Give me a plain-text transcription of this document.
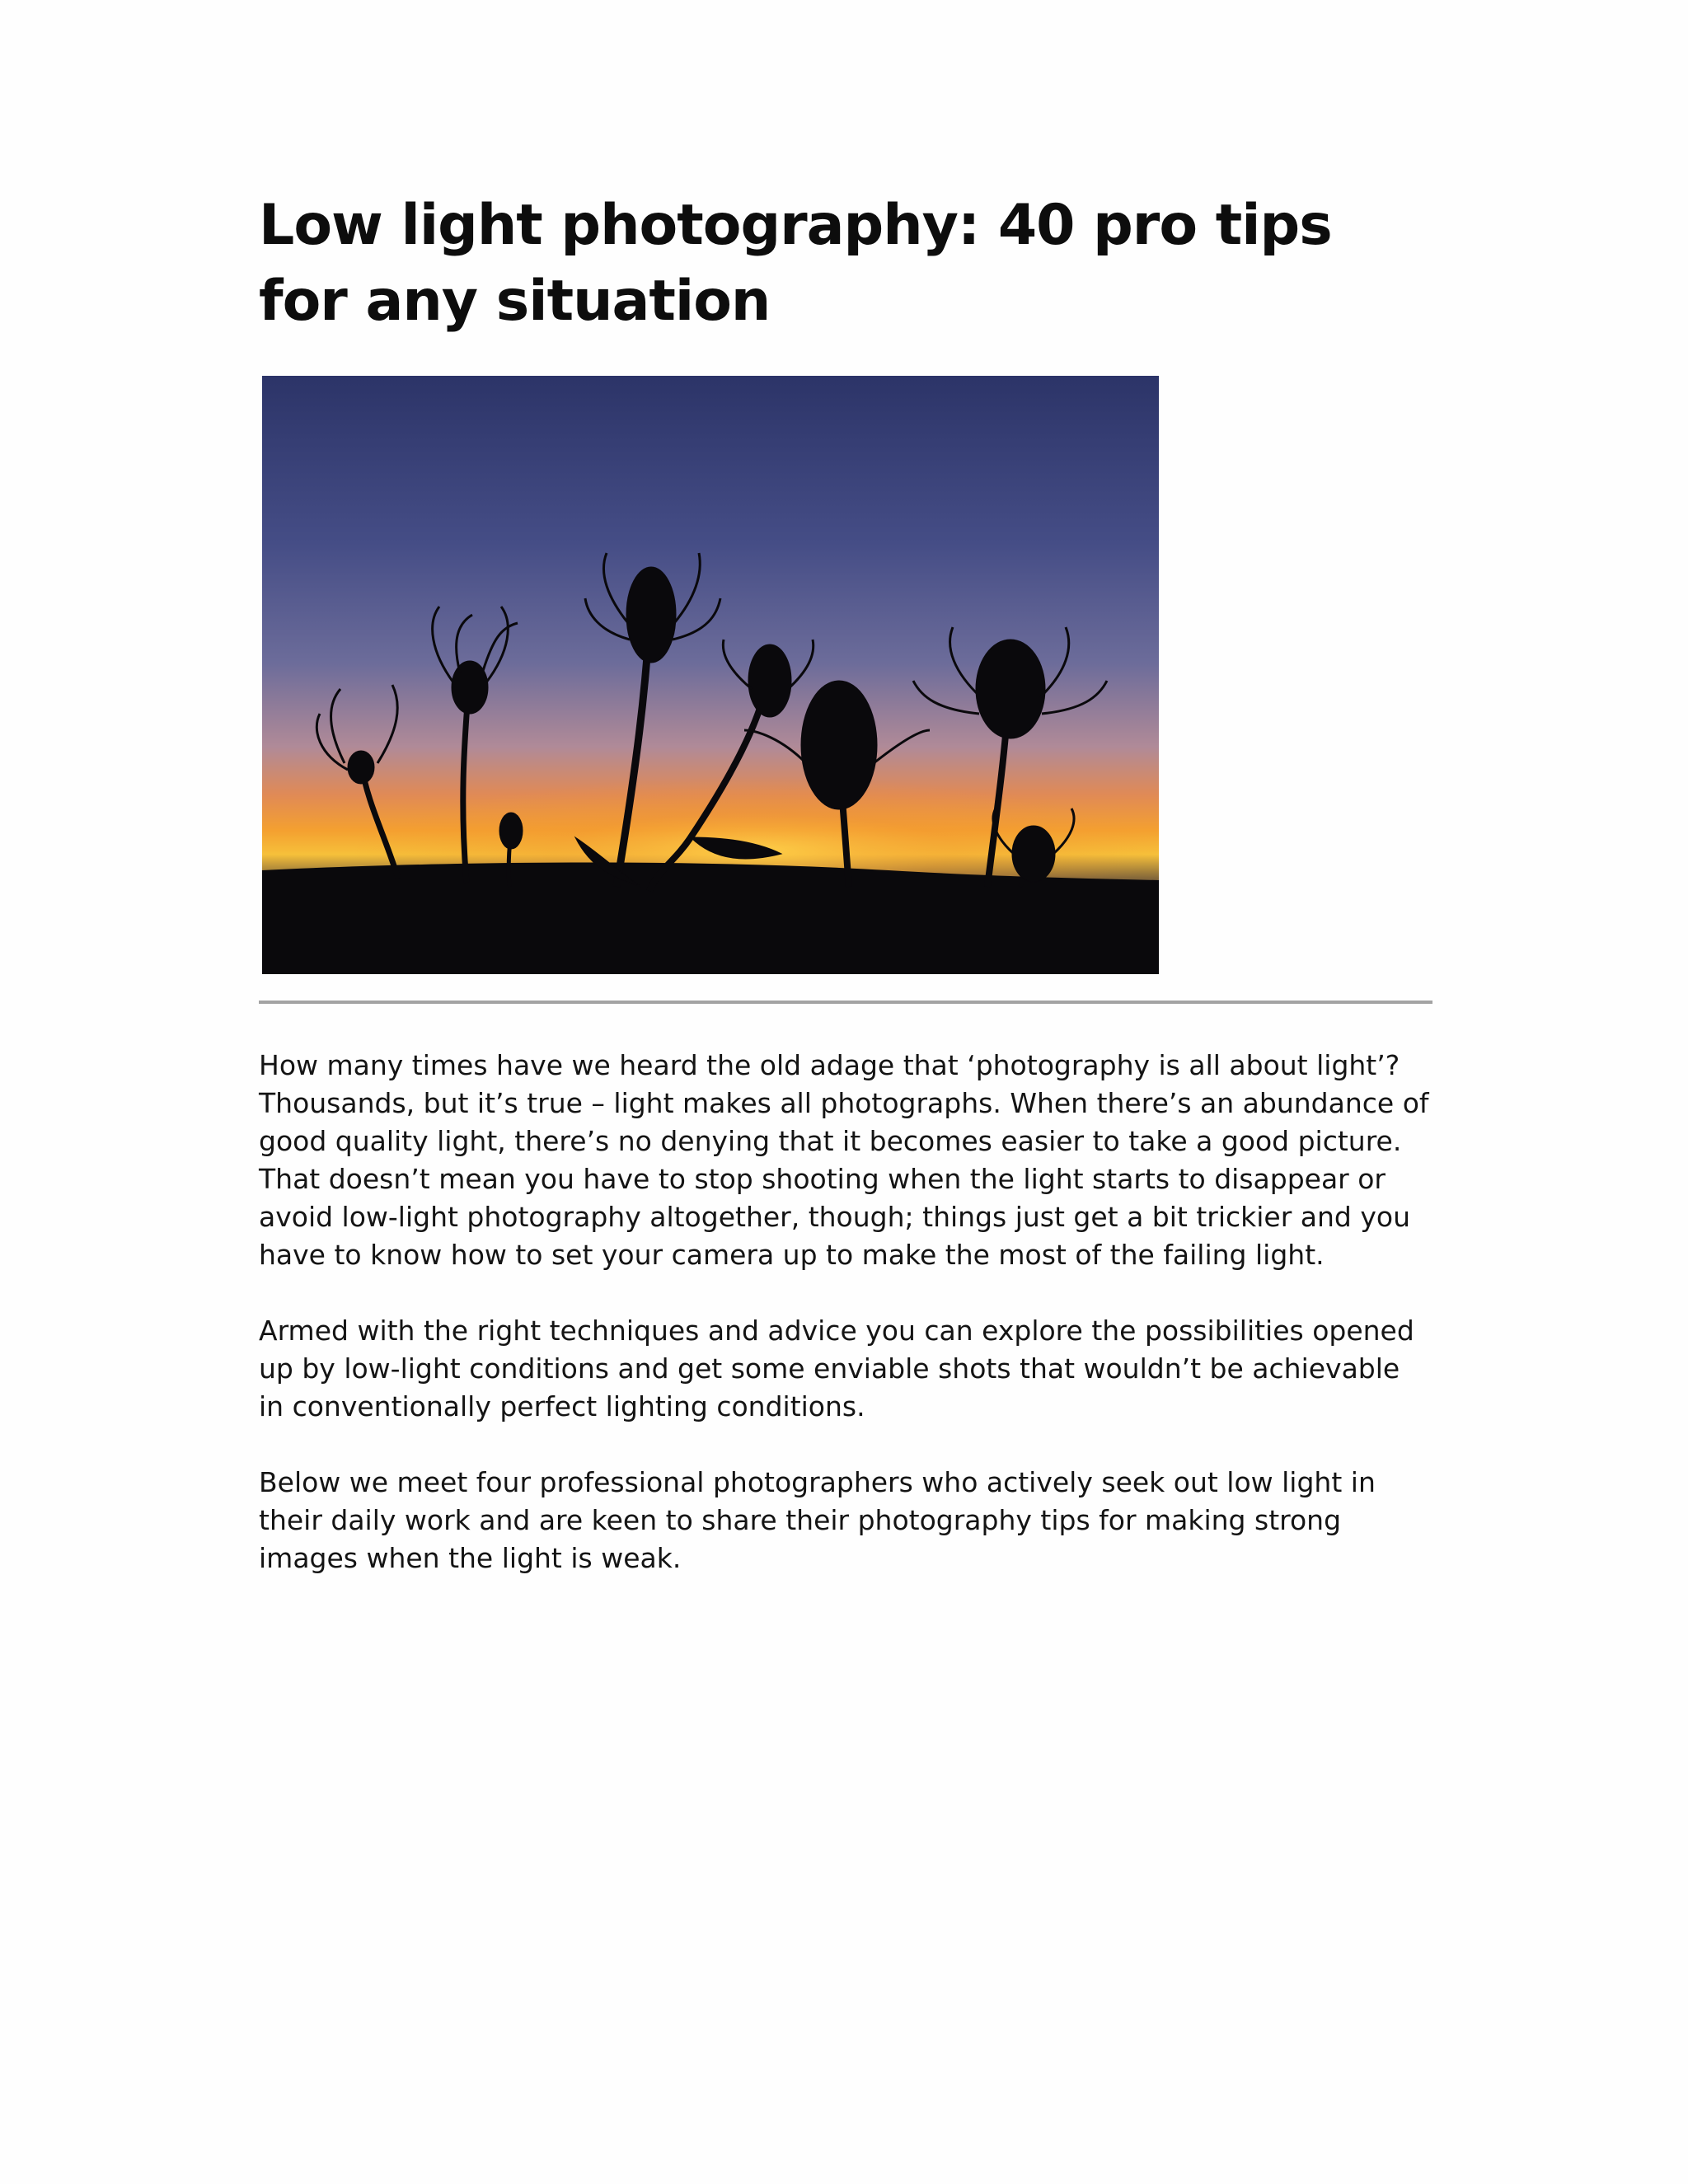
Low light photography: 40 pro tips for any situation

How many times have we heard the old adage that ‘photography is all about light’? Thousands, but it’s true – light makes all photographs. When there’s an abundance of good quality light, there’s no denying that it becomes easier to take a good picture. That doesn’t mean you have to stop shooting when the light starts to disappear or avoid low-light photography altogether, though; things just get a bit trickier and you have to know how to set your camera up to make the most of the failing light.

Armed with the right techniques and advice you can explore the possibilities opened up by low-light conditions and get some enviable shots that wouldn’t be achievable in conventionally perfect lighting conditions.

Below we meet four professional photographers who actively seek out low light in their daily work and are keen to share their photography tips for making strong images when the light is weak.
